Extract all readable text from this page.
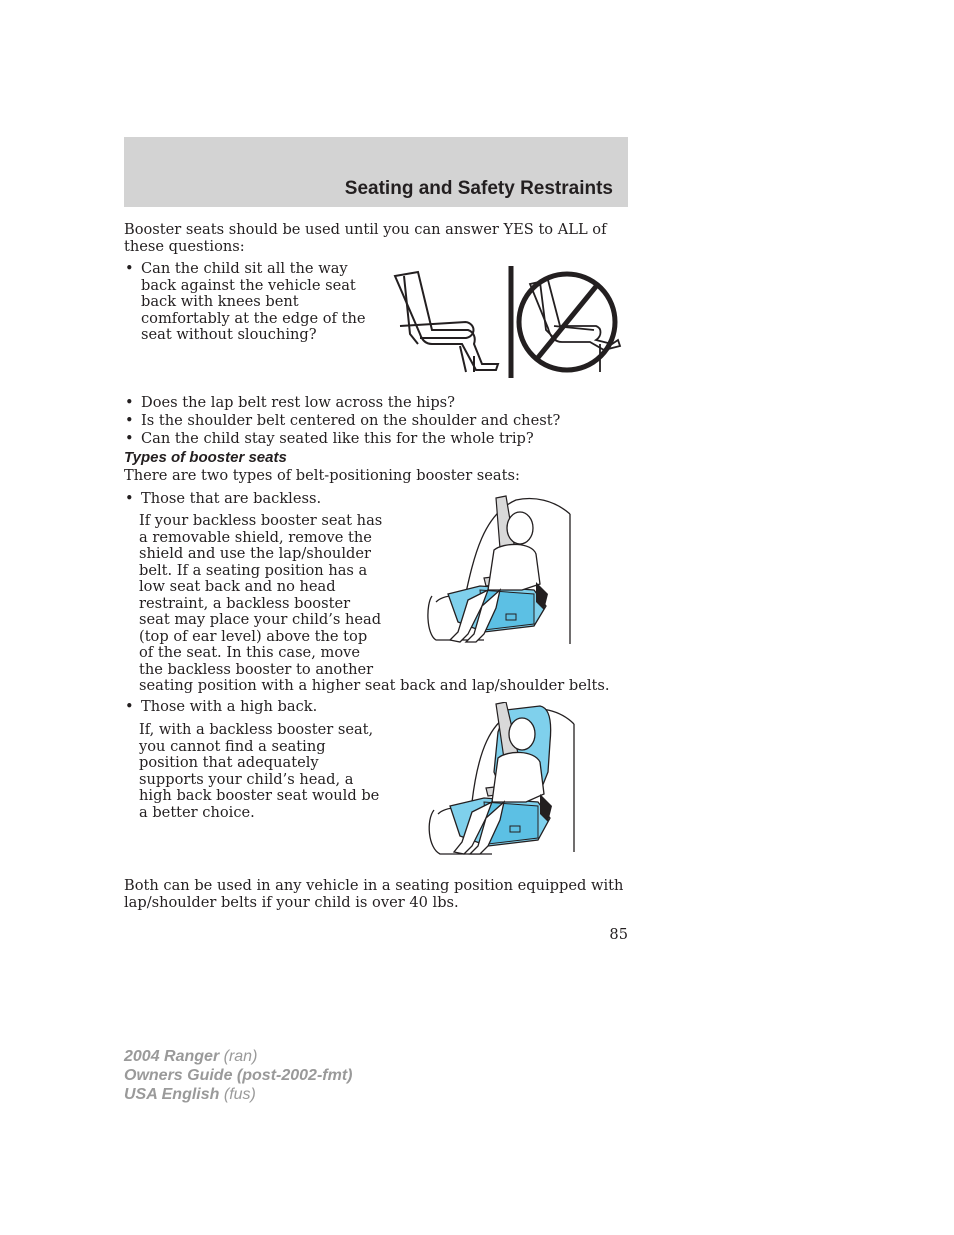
Seating and Safety Restraints

Booster seats should be used until you can answer YES to ALL of these questions:

• Can the child sit all the way back against the vehicle seat back with knees bent comfortably at the edge of the seat without slouching?

• Does the lap belt rest low across the hips?

• Is the shoulder belt centered on the shoulder and chest?

• Can the child stay seated like this for the whole trip?

Types of booster seats

There are two types of belt-positioning booster seats:

• Those that are backless.

If your backless booster seat has a removable shield, remove the shield and use the lap/shoulder belt. If a seating position has a low seat back and no head restraint, a backless booster seat may place your child’s head (top of ear level) above the top of the seat. In this case, move the backless booster to another

seating position with a higher seat back and lap/shoulder belts.

• Those with a high back.

If, with a backless booster seat, you cannot find a seating position that adequately supports your child’s head, a high back booster seat would be a better choice.

Both can be used in any vehicle in a seating position equipped with lap/shoulder belts if your child is over 40 lbs.

85
2004 Ranger (ran)
Owners Guide (post-2002-fmt)
USA English (fus)
